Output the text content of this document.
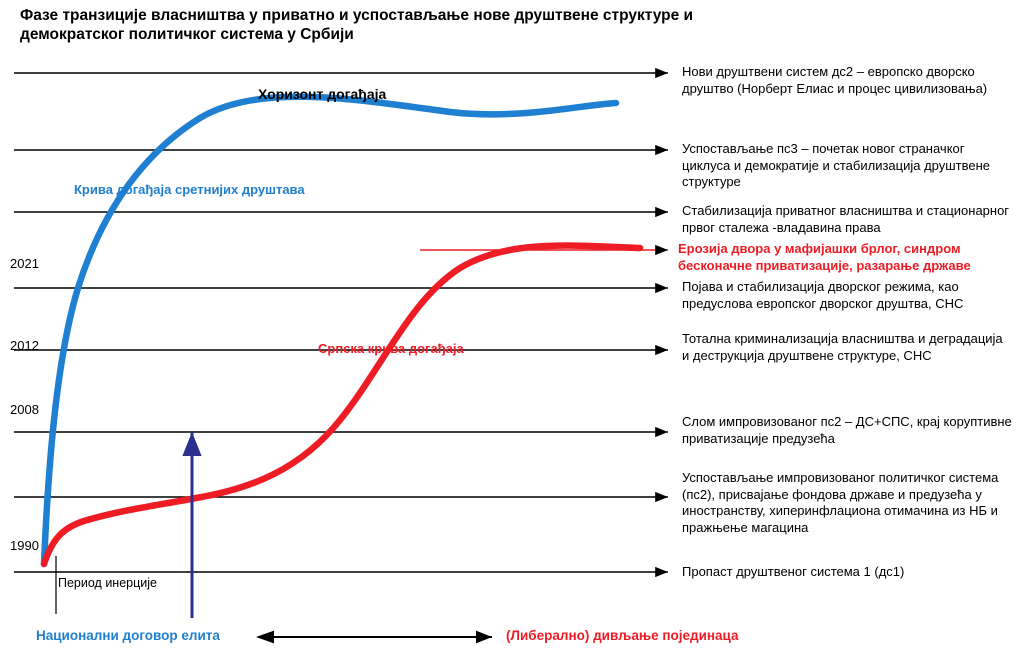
Фазе транзиције власништва у приватно и успостављање нове друштвене структуре и демократског политичког система у Србији
Нови друштвени систем дс2 – европско дворско друштво (Норберт Елиас и процес цивилизовања)
Успостављање пс3 – почетак новог страначког циклуса и демократије и стабилизација друштвене структуре
Стабилизација приватног власништва и стационарног првог сталежа -владавина права
Ерозија двора у мафијашки брлог, синдром бесконачне приватизације, разарање државе
Појава и стабилизација дворског режима, као предуслова европског дворског друштва, СНС
Тотална криминализација власништва и деградација и деструкција друштвене структуре, СНС
Слом импровизованог пс2 – ДС+СПС, крај коруптивне приватизације предузећа
Успостављање импровизованог политичког система (пс2), присвајање фондова државе и предузећа у иностранству, хиперинфлациона отимачина из НБ и пражњење магацина
Пропаст друштвеног система 1 (дс1)
2021
2012
2008
1990
Хоризонт догађаја
Крива догађаја сретнијих друштава
Српска крива догађаја
Период инерције
Национални договор елита	(Либерално) дивљање појединаца
